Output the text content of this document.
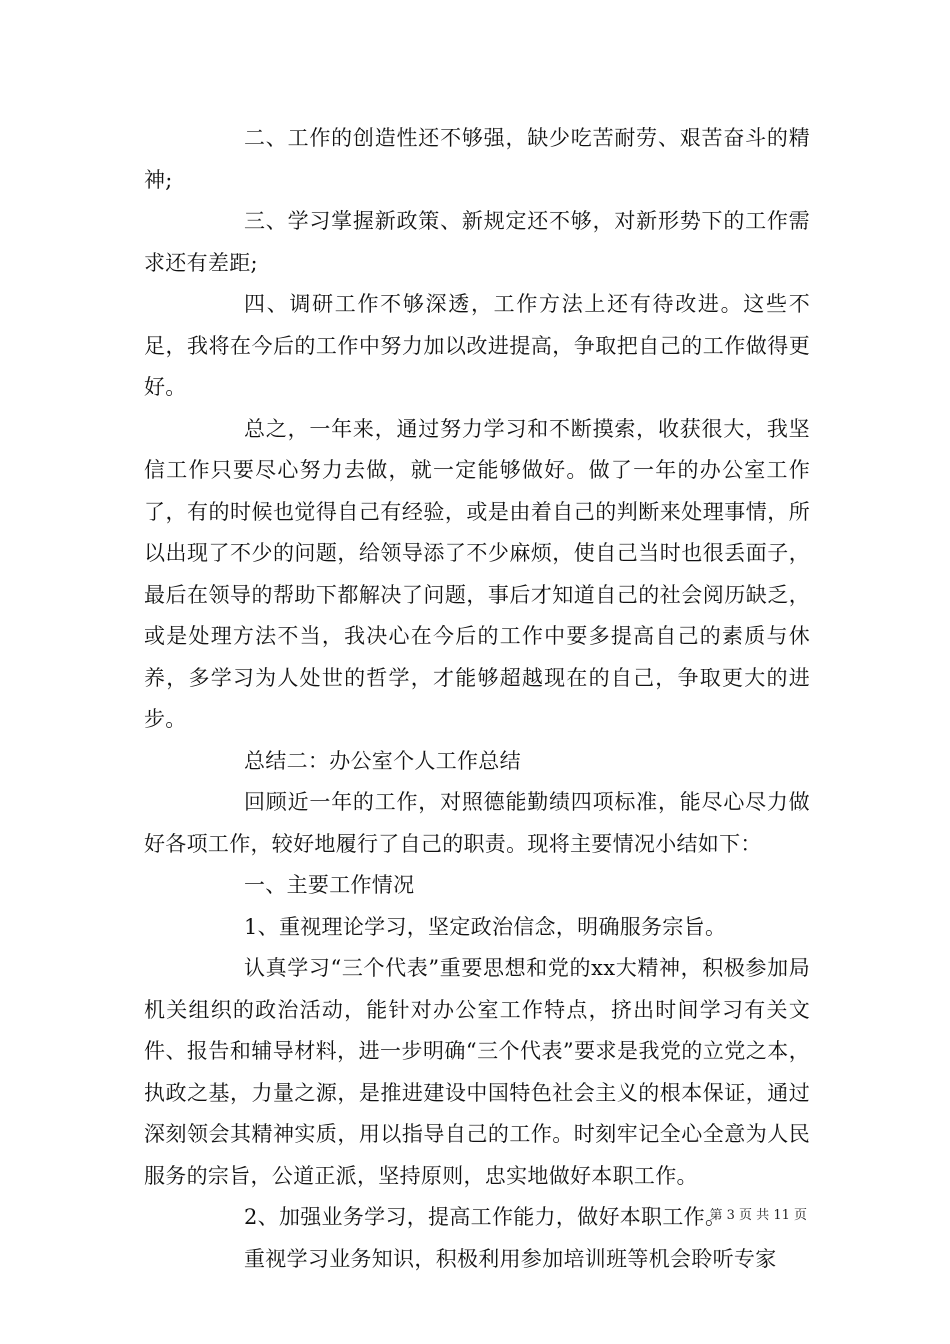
二、工作的创造性还不够强，缺少吃苦耐劳、艰苦奋斗的精神;

三、学习掌握新政策、新规定还不够，对新形势下的工作需求还有差距;

四、调研工作不够深透，工作方法上还有待改进。这些不足，我将在今后的工作中努力加以改进提高，争取把自己的工作做得更好。

总之，一年来，通过努力学习和不断摸索，收获很大，我坚信工作只要尽心努力去做，就一定能够做好。做了一年的办公室工作了，有的时候也觉得自己有经验，或是由着自己的判断来处理事情，所以出现了不少的问题，给领导添了不少麻烦，使自己当时也很丢面子，最后在领导的帮助下都解决了问题，事后才知道自己的社会阅历缺乏，或是处理方法不当，我决心在今后的工作中要多提高自己的素质与休养，多学习为人处世的哲学，才能够超越现在的自己，争取更大的进步。

总结二：办公室个人工作总结

回顾近一年的工作，对照德能勤绩四项标准，能尽心尽力做好各项工作，较好地履行了自己的职责。现将主要情况小结如下：

一、主要工作情况

1、重视理论学习，坚定政治信念，明确服务宗旨。

认真学习“三个代表”重要思想和党的xx大精神，积极参加局机关组织的政治活动，能针对办公室工作特点，挤出时间学习有关文件、报告和辅导材料，进一步明确“三个代表”要求是我党的立党之本，执政之基，力量之源，是推进建设中国特色社会主义的根本保证，通过深刻领会其精神实质，用以指导自己的工作。时刻牢记全心全意为人民服务的宗旨，公道正派，坚持原则，忠实地做好本职工作。

2、加强业务学习，提高工作能力，做好本职工作。

重视学习业务知识，积极利用参加培训班等机会聆听专家

第 3 页 共 11 页
